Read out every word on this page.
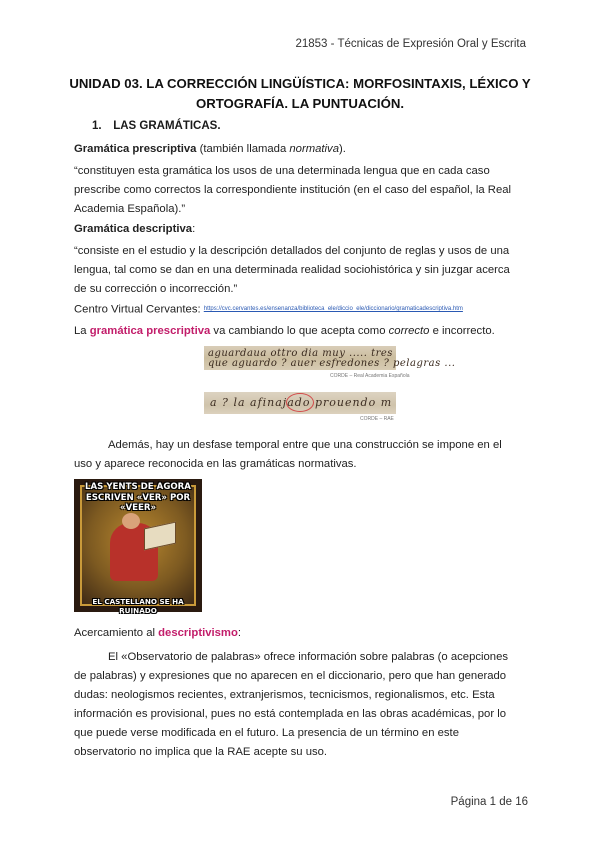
21853 - Técnicas de Expresión Oral y Escrita
UNIDAD 03. LA CORRECCIÓN LINGÜÍSTICA: MORFOSINTAXIS, LÉXICO Y
ORTOGRAFÍA. LA PUNTUACIÓN.
1. LAS GRAMÁTICAS.
Gramática prescriptiva (también llamada normativa).
“constituyen esta gramática los usos de una determinada lengua que en cada caso
prescribe como correctos la correspondiente institución (en el caso del español, la Real
Academia Española).”
Gramática descriptiva:
“consiste en el estudio y la descripción detallados del conjunto de reglas y usos de una
lengua, tal como se dan en una determinada realidad sociohistórica y sin juzgar acerca
de su corrección o incorrección.”
Centro Virtual Cervantes: https://cvc.cervantes.es/ensenanza/biblioteca_ele/diccio_ele/diccionario/gramaticadescriptiva.htm
La gramática prescriptiva va cambiando lo que acepta como correcto e incorrecto.
aguardaua ottro dia muy ..... tres
que aguardo ? auer esfredones ? pelagras ...
CORDE – Real Academia Española
a ? la afinajado prouendo m
CORDE – RAE
Además, hay un desfase temporal entre que una construcción se impone en el
uso y aparece reconocida en las gramáticas normativas.
LAS YENTS DE AGORA
ESCRIVEN «VER» POR «VEER»
EL CASTELLANO SE HA RUINADO
Acercamiento al descriptivismo:
El «Observatorio de palabras» ofrece información sobre palabras (o acepciones
de palabras) y expresiones que no aparecen en el diccionario, pero que han generado
dudas: neologismos recientes, extranjerismos, tecnicismos, regionalismos, etc. Esta
información es provisional, pues no está contemplada en las obras académicas, por lo
que puede verse modificada en el futuro. La presencia de un término en este
observatorio no implica que la RAE acepte su uso.
Página 1 de 16
